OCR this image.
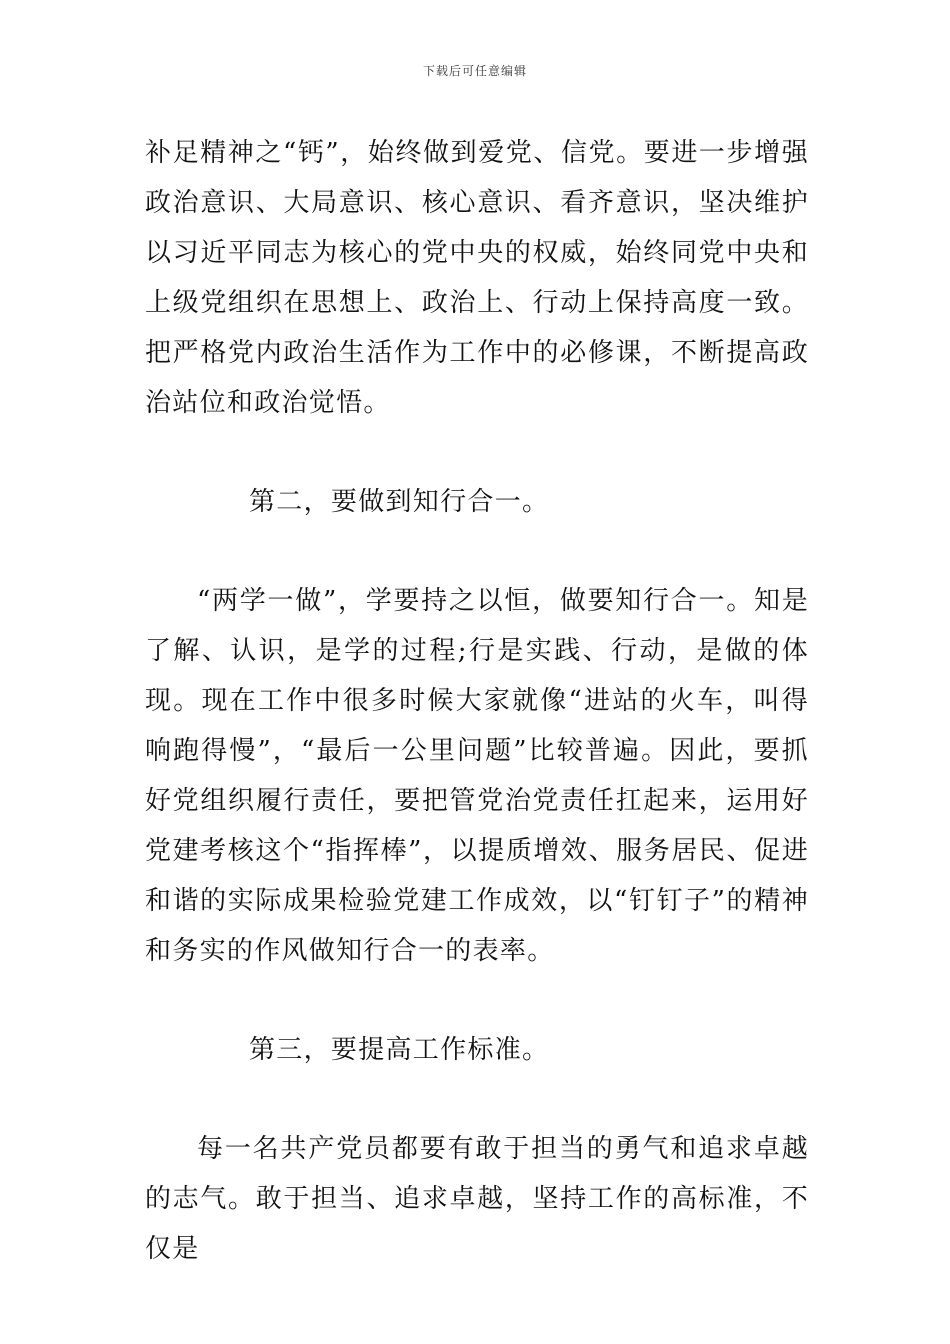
下载后可任意编辑

补足精神之“钙”，始终做到爱党、信党。要进一步增强政治意识、大局意识、核心意识、看齐意识，坚决维护以习近平同志为核心的党中央的权威，始终同党中央和上级党组织在思想上、政治上、行动上保持高度一致。把严格党内政治生活作为工作中的必修课，不断提高政治站位和政治觉悟。

第二，要做到知行合一。

“两学一做”，学要持之以恒，做要知行合一。知是了解、认识，是学的过程;行是实践、行动，是做的体现。现在工作中很多时候大家就像“进站的火车，叫得响跑得慢”，“最后一公里问题”比较普遍。因此，要抓好党组织履行责任，要把管党治党责任扛起来，运用好党建考核这个“指挥棒”，以提质增效、服务居民、促进和谐的实际成果检验党建工作成效，以“钉钉子”的精神和务实的作风做知行合一的表率。

第三，要提高工作标准。

每一名共产党员都要有敢于担当的勇气和追求卓越的志气。敢于担当、追求卓越，坚持工作的高标准，不仅是
